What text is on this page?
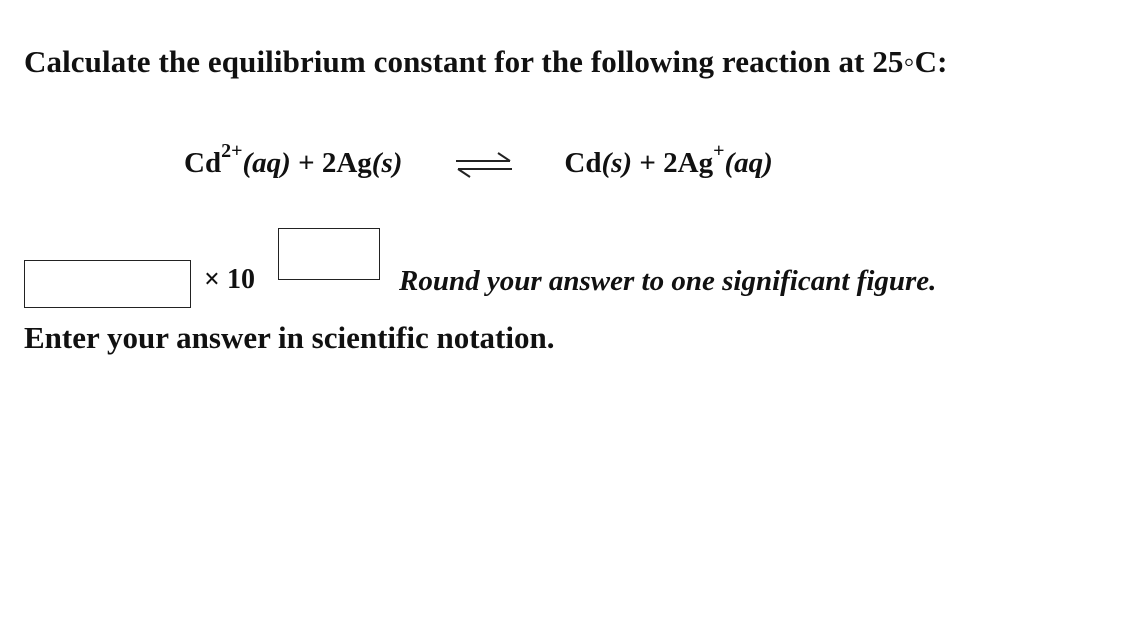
Calculate the equilibrium constant for the following reaction at 25◦C:
$Cd^{2+}(aq) + 2Ag(s)$	Cd(s) + 2Ag+(aq)
× 10	Round your answer to one significant figure.
Enter your answer in scientific notation.
